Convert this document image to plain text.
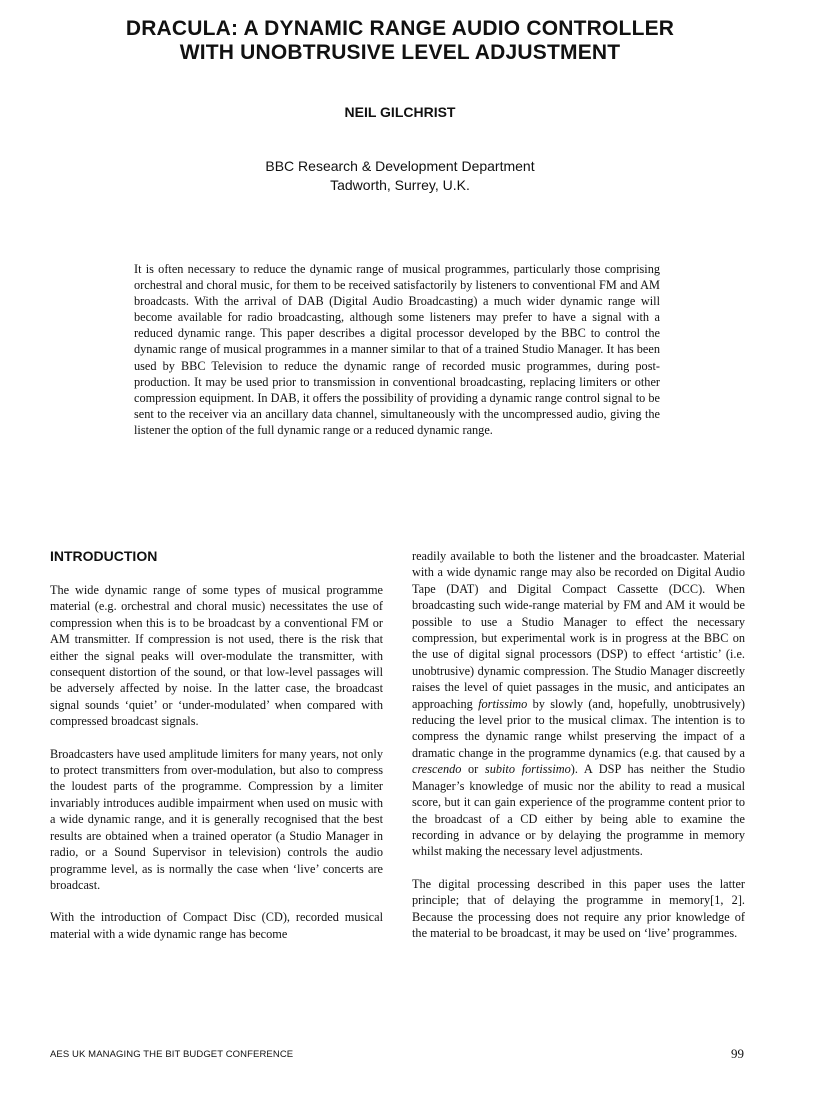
DRACULA: A DYNAMIC RANGE AUDIO CONTROLLER
WITH UNOBTRUSIVE LEVEL ADJUSTMENT
NEIL GILCHRIST
BBC Research & Development Department
Tadworth, Surrey, U.K.
It is often necessary to reduce the dynamic range of musical programmes, particularly those comprising orchestral and choral music, for them to be received satisfactorily by listeners to conventional FM and AM broadcasts. With the arrival of DAB (Digital Audio Broadcasting) a much wider dynamic range will become available for radio broadcasting, although some listeners may prefer to have a signal with a reduced dynamic range. This paper describes a digital processor developed by the BBC to control the dynamic range of musical programmes in a manner similar to that of a trained Studio Manager. It has been used by BBC Television to reduce the dynamic range of recorded music programmes, during post-production. It may be used prior to transmission in conventional broadcasting, replacing limiters or other compression equipment. In DAB, it offers the possibility of providing a dynamic range control signal to be sent to the receiver via an ancillary data channel, simultaneously with the uncompressed audio, giving the listener the option of the full dynamic range or a reduced dynamic range.
INTRODUCTION

The wide dynamic range of some types of musical programme material (e.g. orchestral and choral music) necessitates the use of compression when this is to be broadcast by a conventional FM or AM transmitter. If compression is not used, there is the risk that either the signal peaks will over-modulate the transmitter, with consequent distortion of the sound, or that low-level passages will be adversely affected by noise. In the latter case, the broadcast signal sounds ‘quiet’ or ‘under-modulated’ when compared with compressed broadcast signals.

Broadcasters have used amplitude limiters for many years, not only to protect transmitters from over-modulation, but also to compress the loudest parts of the programme. Compression by a limiter invariably introduces audible impairment when used on music with a wide dynamic range, and it is generally recognised that the best results are obtained when a trained operator (a Studio Manager in radio, or a Sound Supervisor in television) controls the audio programme level, as is normally the case when ‘live’ concerts are broadcast.

With the introduction of Compact Disc (CD), recorded musical material with a wide dynamic range has become

readily available to both the listener and the broadcaster. Material with a wide dynamic range may also be recorded on Digital Audio Tape (DAT) and Digital Compact Cassette (DCC). When broadcasting such wide-range material by FM and AM it would be possible to use a Studio Manager to effect the necessary compression, but experimental work is in progress at the BBC on the use of digital signal processors (DSP) to effect ‘artistic’ (i.e. unobtrusive) dynamic compression. The Studio Manager discreetly raises the level of quiet passages in the music, and anticipates an approaching fortissimo by slowly (and, hopefully, unobtrusively) reducing the level prior to the musical climax. The intention is to compress the dynamic range whilst preserving the impact of a dramatic change in the programme dynamics (e.g. that caused by a crescendo or subito fortissimo). A DSP has neither the Studio Manager’s knowledge of music nor the ability to read a musical score, but it can gain experience of the programme content prior to the broadcast of a CD either by being able to examine the recording in advance or by delaying the programme in memory whilst making the necessary level adjustments.

The digital processing described in this paper uses the latter principle; that of delaying the programme in memory[1, 2]. Because the processing does not require any prior knowledge of the material to be broadcast, it may be used on ‘live’ programmes.

AES UK MANAGING THE BIT BUDGET CONFERENCE	99
